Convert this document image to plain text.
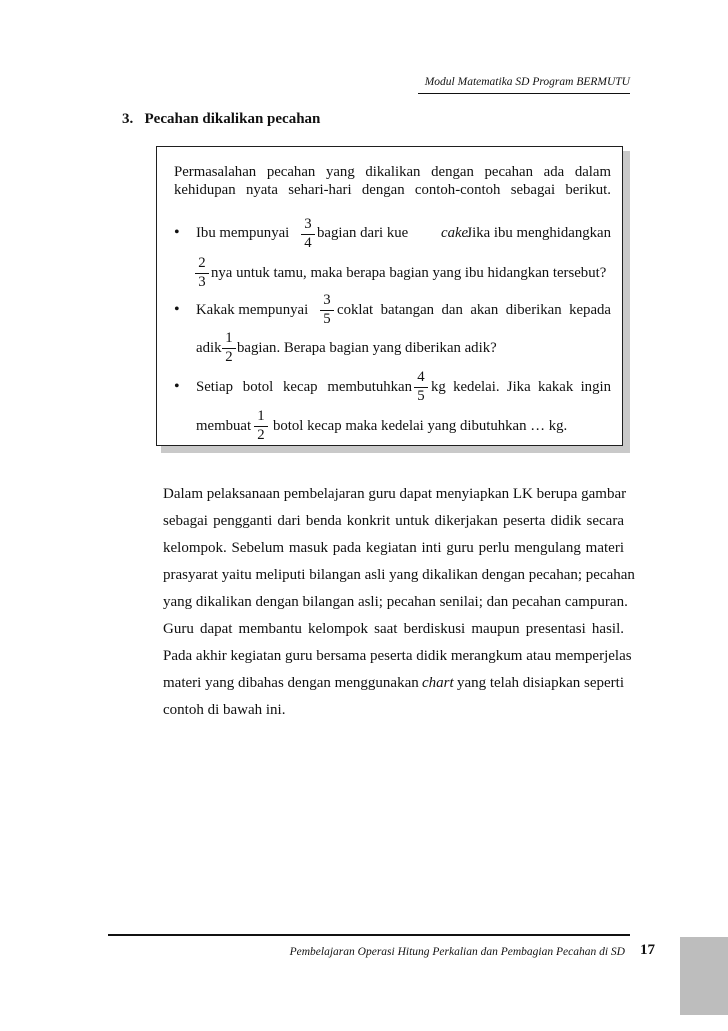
Modul Matematika SD Program BERMUTU
3.   Pecahan dikalikan pecahan
Permasalahan pecahan yang dikalikan dengan pecahan ada dalam
kehidupan nyata sehari-hari dengan contoh-contoh sebagai berikut.
• Ibu mempunyai
3
4
bagian dari kue cake.
Jika ibu menghidangkan
2
3
nya untuk tamu, maka berapa bagian yang ibu hidangkan tersebut?
• Kakak mempunyai
3
5
coklat batangan dan akan diberikan kepada
adik
1
2
bagian. Berapa bagian yang diberikan adik?
• Setiap botol kecap membutuhkan
4
5
kg kedelai. Jika kakak ingin
membuat
1
2
botol kecap maka kedelai yang dibutuhkan … kg.
Dalam pelaksanaan pembelajaran guru dapat menyiapkan LK berupa gambar
sebagai pengganti dari benda konkrit untuk dikerjakan peserta didik secara
kelompok. Sebelum masuk pada kegiatan inti guru perlu mengulang materi
prasyarat yaitu meliputi bilangan asli yang dikalikan dengan pecahan; pecahan
yang dikalikan dengan bilangan asli; pecahan senilai; dan pecahan campuran.
Guru dapat membantu kelompok saat berdiskusi maupun presentasi hasil.
Pada akhir kegiatan guru bersama peserta didik merangkum atau memperjelas
materi yang dibahas dengan menggunakan chart yang telah disiapkan seperti
contoh di bawah ini.
Pembelajaran Operasi Hitung Perkalian dan Pembagian Pecahan di SD 17
